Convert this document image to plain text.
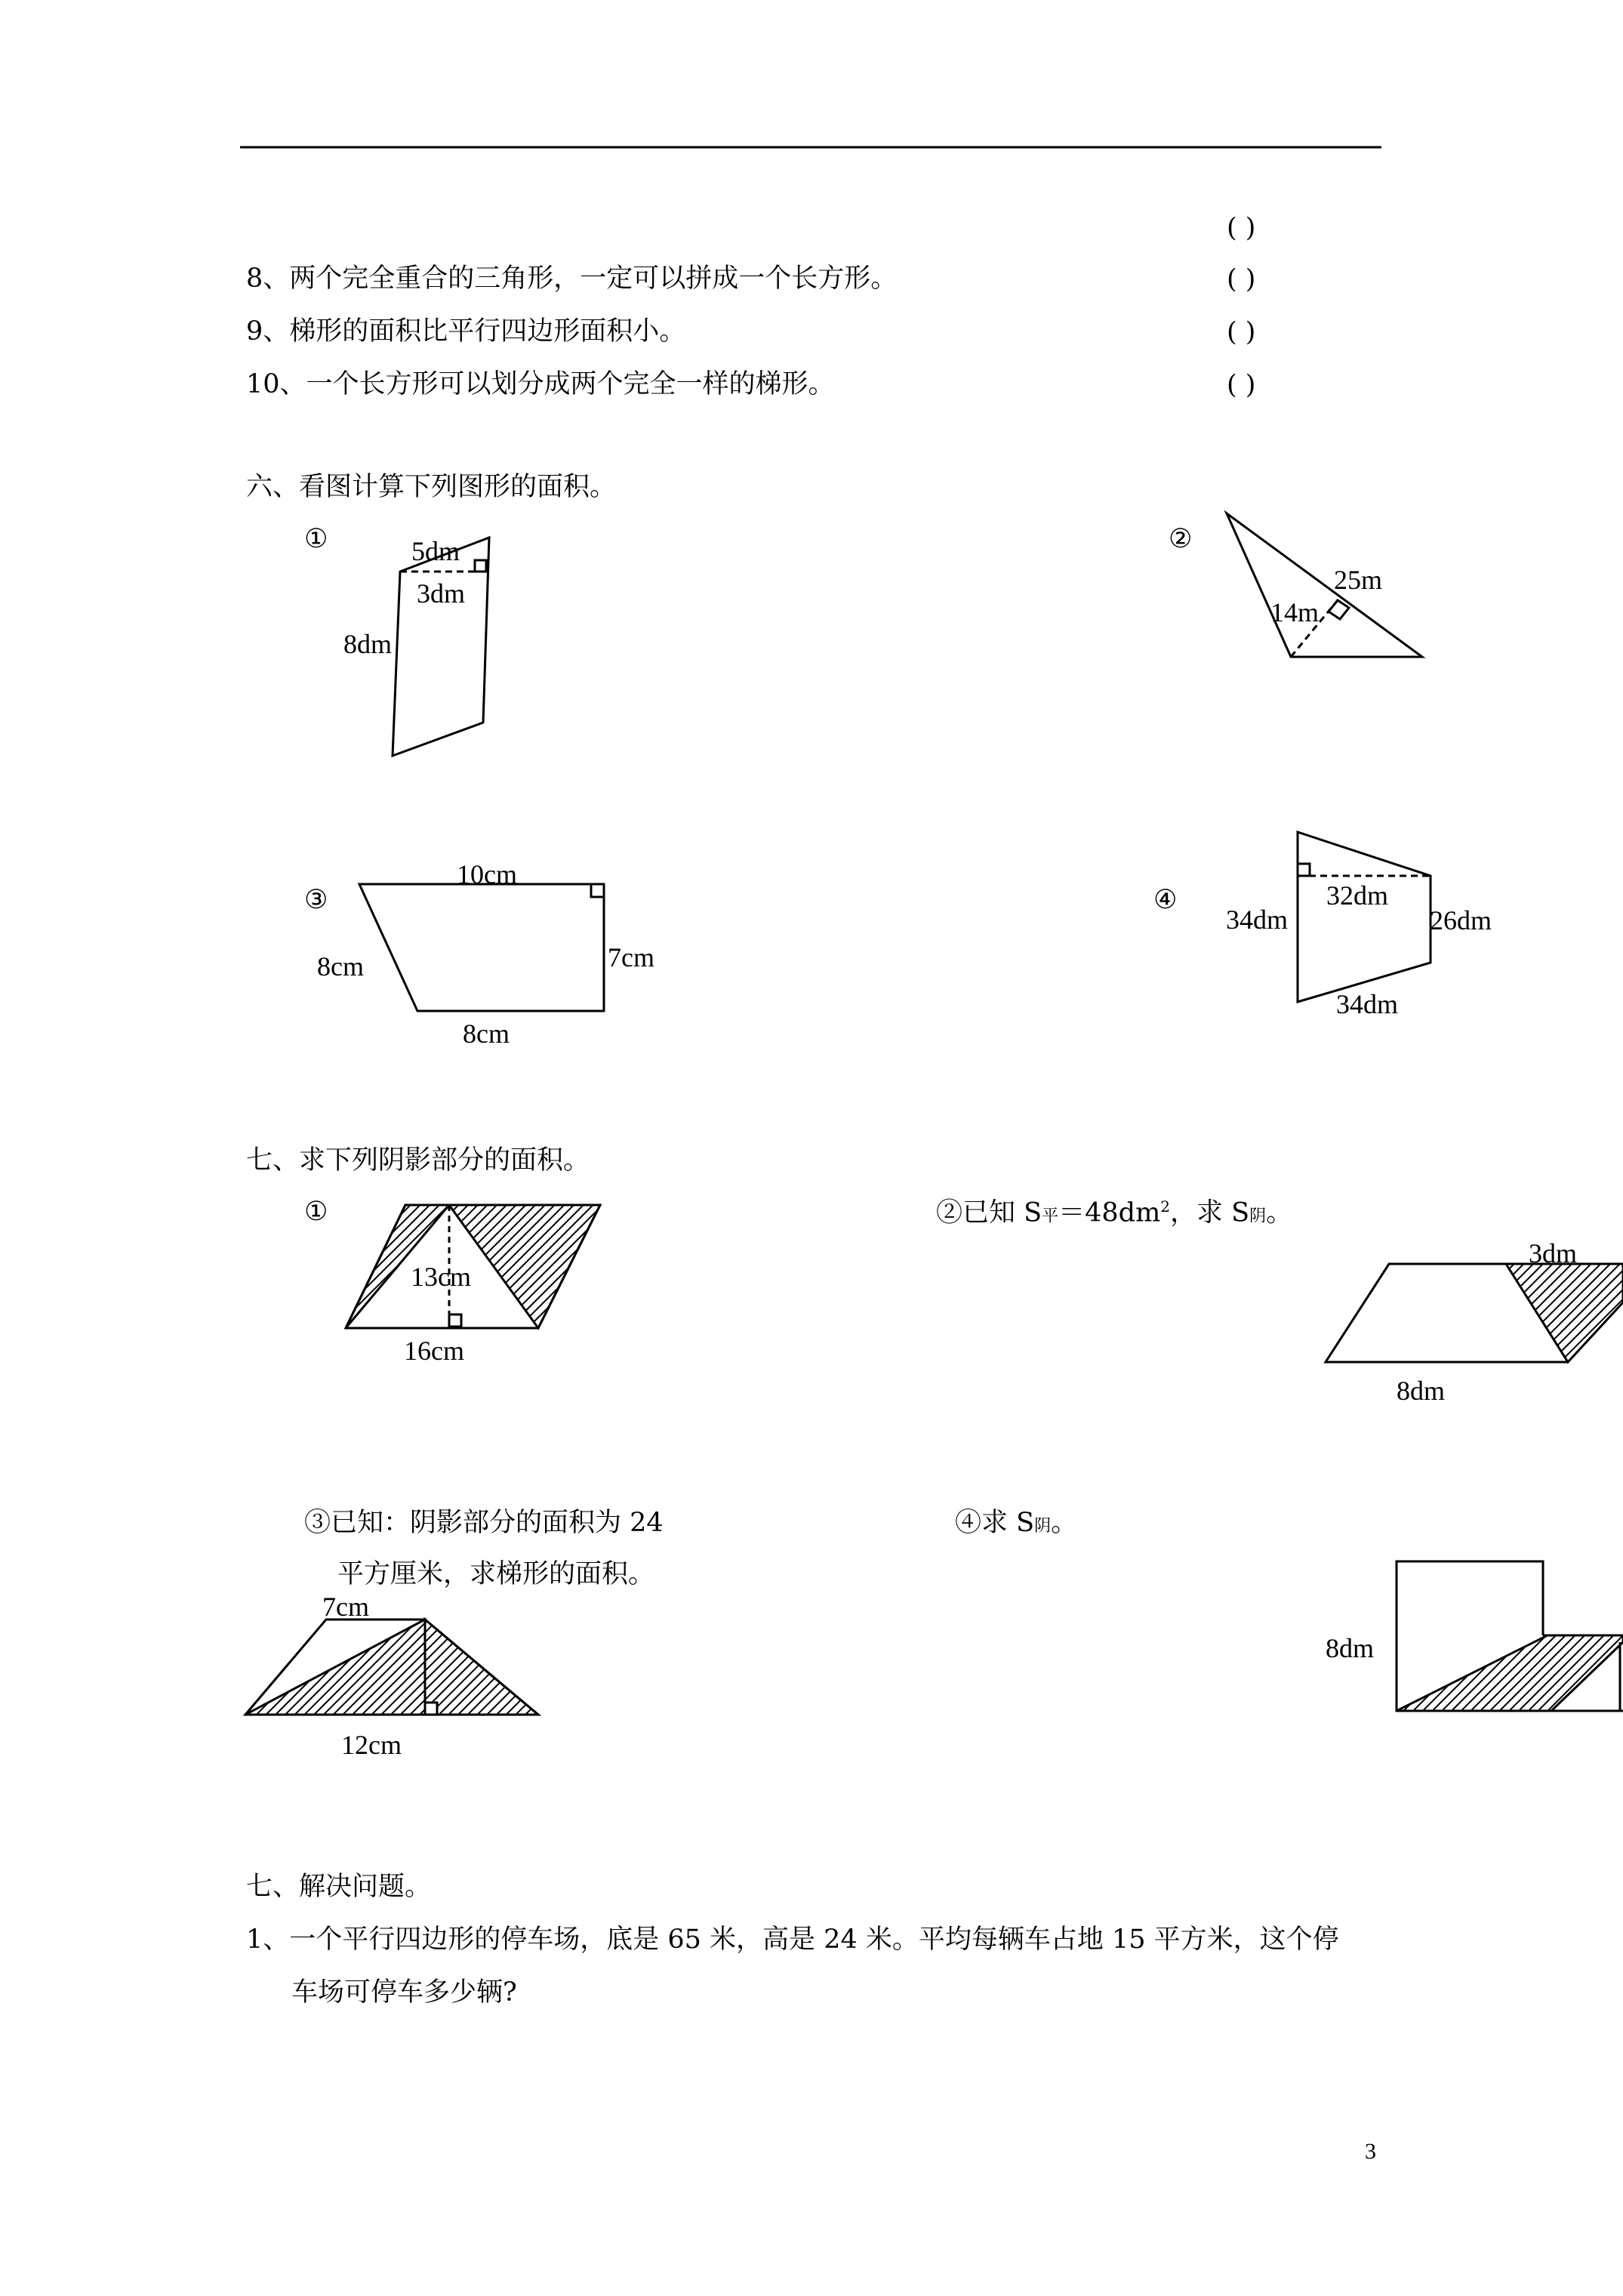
( )
8、两个完全重合的三角形，一定可以拼成一个长方形。	( )
9、梯形的面积比平行四边形面积小。	( )
10、一个长方形可以划分成两个完全一样的梯形。	( )
六、看图计算下列图形的面积。
①	5dm
3dm
8dm
②
25m
14m
③
10cm
8cm	7cm
8cm
④
34dm
32dm
26dm
34dm
七、求下列阴影部分的面积。
①
13cm
16cm
②已知 S平$=48dm^2$，求 S阴。
3dm
8dm
③已知：阴影部分的面积为 24
平方厘米，求梯形的面积。
7cm
12cm
④求 S阴。
8dm
七、解决问题。
1、一个平行四边形的停车场，底是 65 米，高是 24 米。平均每辆车占地 15 平方米，这个停
车场可停车多少辆?
3
